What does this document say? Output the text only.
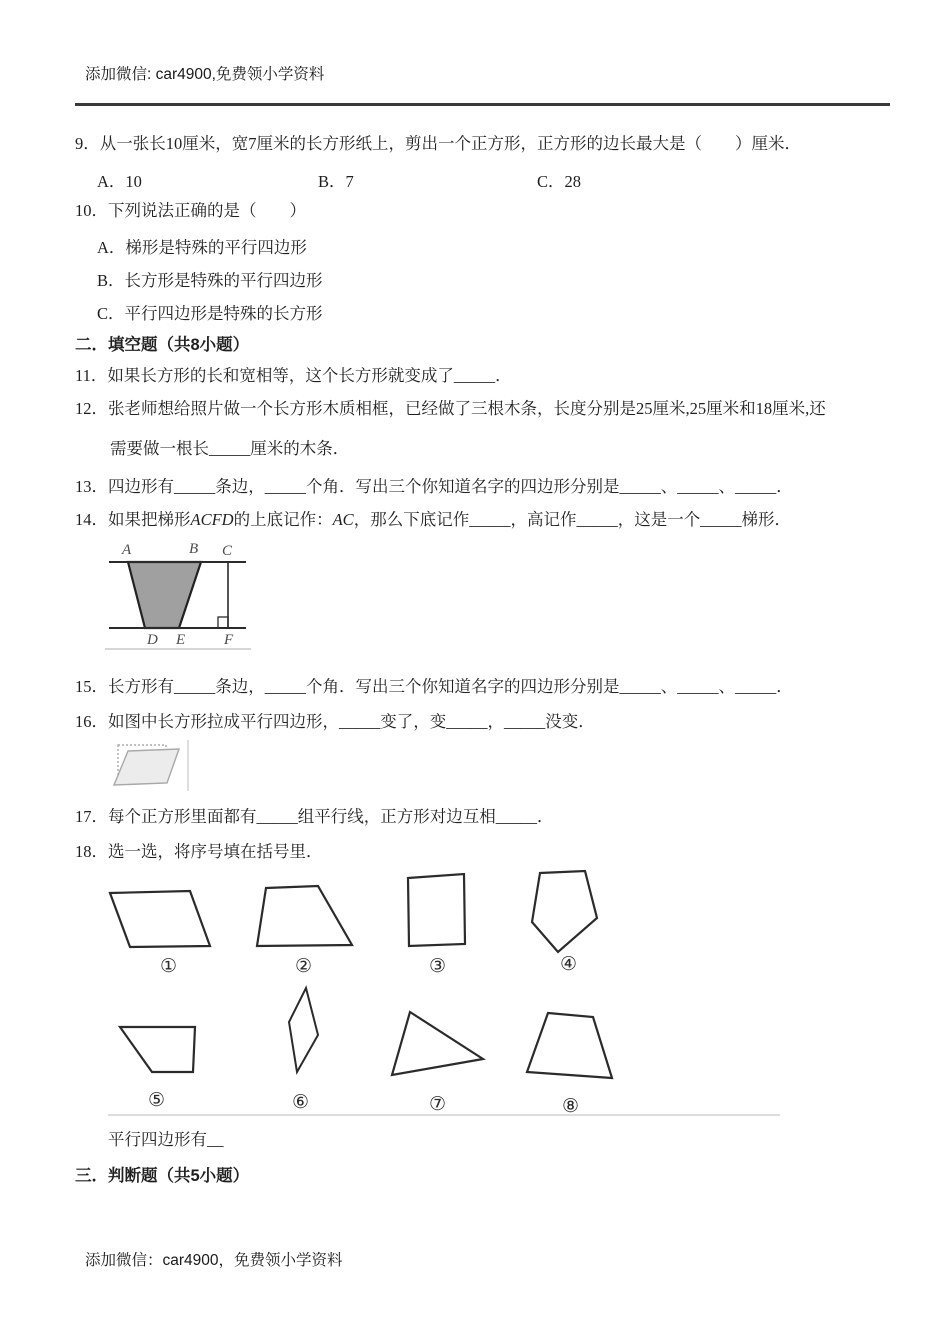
添加微信: car4900,免费领小学资料
9．从一张长10厘米，宽7厘米的长方形纸上，剪出一个正方形，正方形的边长最大是（　　）厘米．
A．10	B．7	C．28
10．下列说法正确的是（　　）
A．梯形是特殊的平行四边形
B．长方形是特殊的平行四边形
C．平行四边形是特殊的长方形
二．填空题（共8小题）
11．如果长方形的长和宽相等，这个长方形就变成了_____．
12．张老师想给照片做一个长方形木质相框，已经做了三根木条，长度分别是25厘米,25厘米和18厘米,还
需要做一根长_____厘米的木条．
13．四边形有_____条边，_____个角．写出三个你知道名字的四边形分别是_____、_____、_____．
14．如果把梯形ACFD的上底记作：AC，那么下底记作_____，高记作_____，这是一个_____梯形．
A	B C
D E	F
15．长方形有_____条边，_____个角．写出三个你知道名字的四边形分别是_____、_____、_____．
16．如图中长方形拉成平行四边形，_____变了，变_____，_____没变．
17．每个正方形里面都有_____组平行线，正方形对边互相_____．
18．选一选，将序号填在括号里．
①	②	③	④
⑤	⑥	⑦	⑧
平行四边形有__
三．判断题（共5小题）
添加微信：car4900，免费领小学资料
